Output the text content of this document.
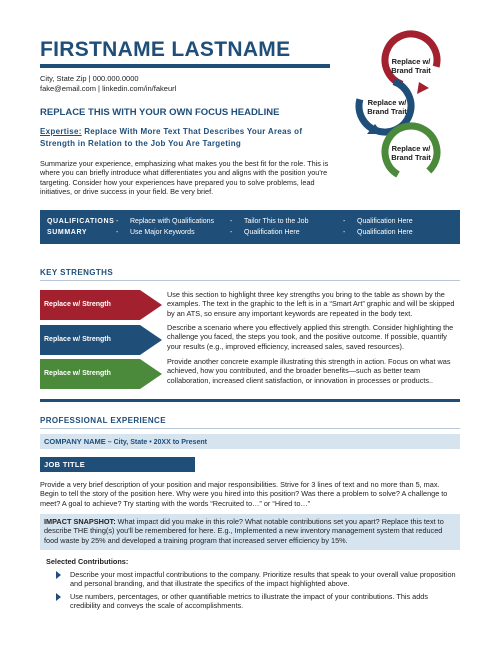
FIRSTNAME LASTNAME
City, State Zip | 000.000.0000
fake@email.com | linkedin.com/in/fakeurl
Replace w/ Brand Trait
Replace w/ Brand Trait
Replace w/ Brand Trait
REPLACE THIS WITH YOUR OWN FOCUS HEADLINE
Expertise: Replace With More Text That Describes Your Areas of Strength in Relation to the Job You Are Targeting
Summarize your experience, emphasizing what makes you the best fit for the role. This is where you can briefly introduce what differentiates you and aligns with the position you're targeting. Consider how your experiences have prepared you to solve problems, lead initiatives, or drive success in your field. Be very brief.
QUALIFICATIONS
SUMMARY
- Replace with Qualifications
- Use Major Keywords
- Tailor This to the Job
- Qualification Here
- Qualification Here
- Qualification Here
KEY STRENGTHS
Replace w/ Strength
Replace w/ Strength
Replace w/ Strength
Use this section to highlight three key strengths you bring to the table as shown by the examples. The text in the graphic to the left is in a “Smart Art” graphic and will be skipped by an ATS, so ensure any important keywords are repeated in the body text.
Describe a scenario where you effectively applied this strength. Consider highlighting the challenge you faced, the steps you took, and the positive outcome. If possible, quantify your results (e.g., improved efficiency, increased sales, saved resources).
Provide another concrete example illustrating this strength in action. Focus on what was achieved, how you contributed, and the broader benefits—such as better team collaboration, increased client satisfaction, or innovation in processes or products..
PROFESSIONAL EXPERIENCE
COMPANY NAME – City, State • 20XX to Present
JOB TITLE
Provide a very brief description of your position and major responsibilities. Strive for 3 lines of text and no more than 5, max. Begin to tell the story of the position here. Why were you hired into this position? Was there a problem to solve? A challenge to meet? A goal to achieve? Try starting with the words “Recruited to…” or “Hired to…”
IMPACT SNAPSHOT: What impact did you make in this role? What notable contributions set you apart? Replace this text to describe THE thing(s) you'll be remembered for here. E.g., Implemented a new inventory management system that reduced food waste by 25% and developed a training program that increased server efficiency by 15%.
Selected Contributions:
Describe your most impactful contributions to the company. Prioritize results that speak to your overall value proposition and personal branding, and that illustrate the specifics of the impact highlighted above.
Use numbers, percentages, or other quantifiable metrics to illustrate the impact of your contributions. This adds credibility and conveys the scale of accomplishments.
